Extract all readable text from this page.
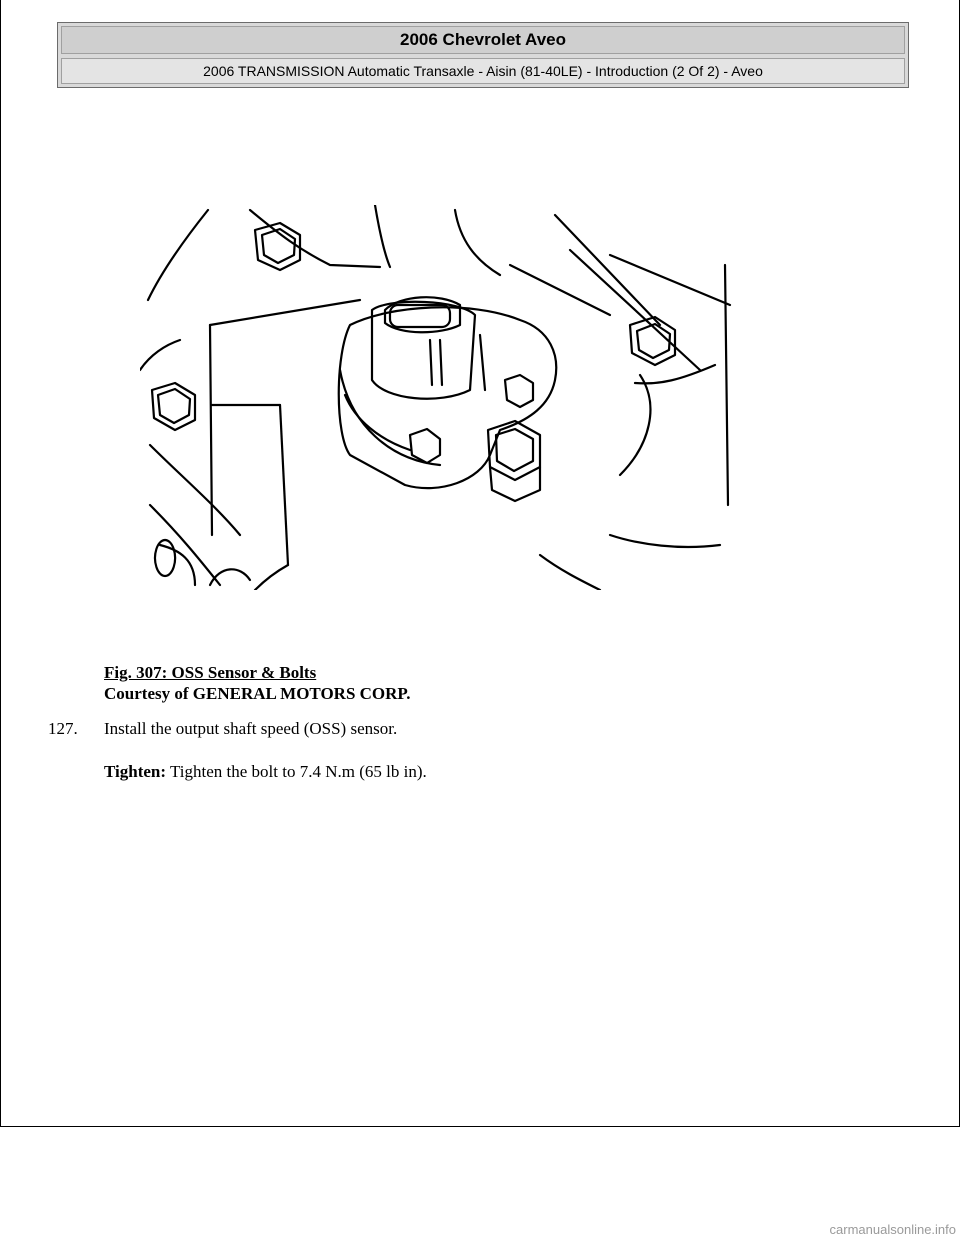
2006 Chevrolet Aveo
2006 TRANSMISSION Automatic Transaxle - Aisin (81-40LE) - Introduction (2 Of 2) - Aveo
Fig. 307: OSS Sensor & Bolts
Courtesy of GENERAL MOTORS CORP.
127. Install the output shaft speed (OSS) sensor.
Tighten: Tighten the bolt to 7.4 N.m (65 lb in).
carmanualsonline.info
